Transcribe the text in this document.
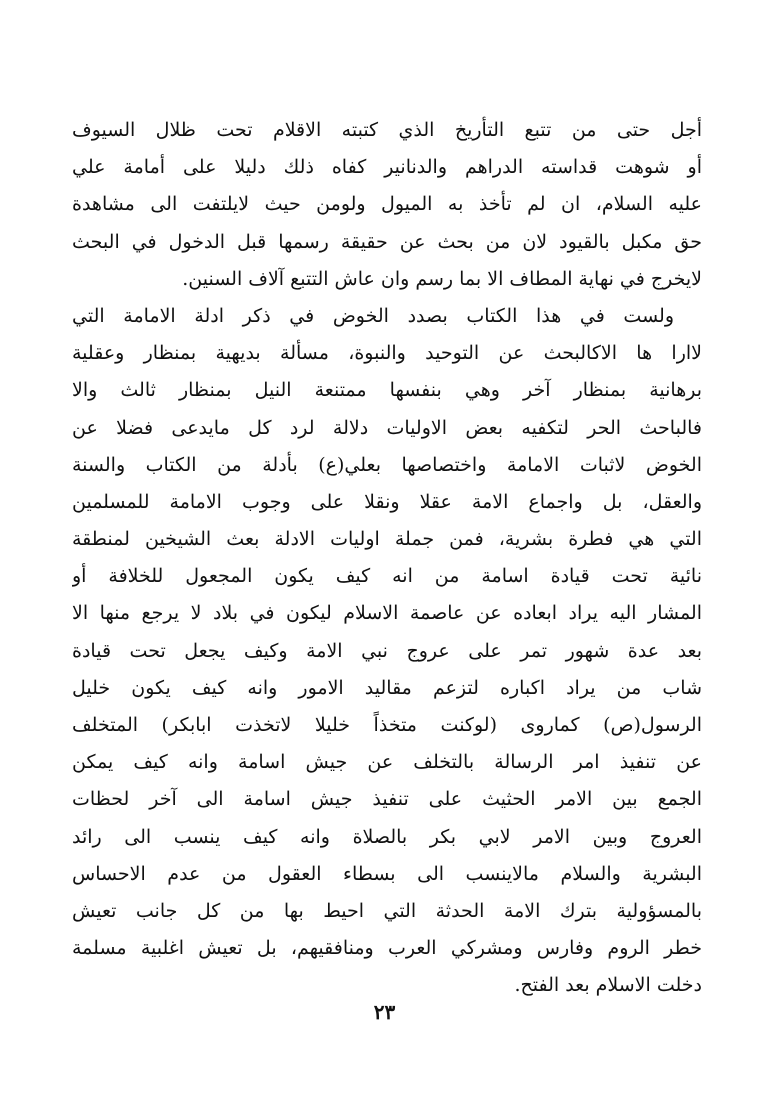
أجل حتى من تتبع التأريخ الذي كتبته الاقلام تحت ظلال السيوف
أو شوهت قداسته الدراهم والدنانير كفاه ذلك دليلا على أمامة علي
عليه السلام، ان لم تأخذ به الميول ولومن حيث لايلتفت الى مشاهدة
حق مكبل بالقيود لان من بحث عن حقيقة رسمها قبل الدخول في البحث
لايخرج في نهاية المطاف الا بما رسم وان عاش التتبع آلاف السنين.
ولست في هذا الكتاب بصدد الخوض في ذكر ادلة الامامة التي
لاارا ها الاكالبحث عن التوحيد والنبوة، مسألة بديهية بمنظار وعقلية
برهانية بمنظار آخر وهي بنفسها ممتنعة النيل بمنظار ثالث والا
فالباحث الحر لتكفيه بعض الاوليات دلالة لرد كل مايدعى فضلا عن
الخوض لاثبات الامامة واختصاصها بعلي(ع) بأدلة من الكتاب والسنة
والعقل، بل واجماع الامة عقلا ونقلا على وجوب الامامة للمسلمين
التي هي فطرة بشرية، فمن جملة اوليات الادلة بعث الشيخين لمنطقة
نائية تحت قيادة اسامة من انه كيف يكون المجعول للخلافة أو
المشار اليه يراد ابعاده عن عاصمة الاسلام ليكون في بلاد لا يرجع منها الا
بعد عدة شهور تمر على عروج نبي الامة وكيف يجعل تحت قيادة
شاب من يراد اكباره لتزعم مقاليد الامور وانه كيف يكون خليل
الرسول(ص) كماروى (لوكنت متخذاً خليلا لاتخذت ابابكر) المتخلف
عن تنفيذ امر الرسالة بالتخلف عن جيش اسامة وانه كيف يمكن
الجمع بين الامر الحثيث على تنفيذ جيش اسامة الى آخر لحظات
العروج وبين الامر لابي بكر بالصلاة وانه كيف ينسب الى رائد
البشرية والسلام مالاينسب الى بسطاء العقول من عدم الاحساس
بالمسؤولية بترك الامة الحدثة التي احيط بها من كل جانب تعيش
خطر الروم وفارس ومشركي العرب ومنافقيهم، بل تعيش اغلبية مسلمة
دخلت الاسلام بعد الفتح.
٢٣
